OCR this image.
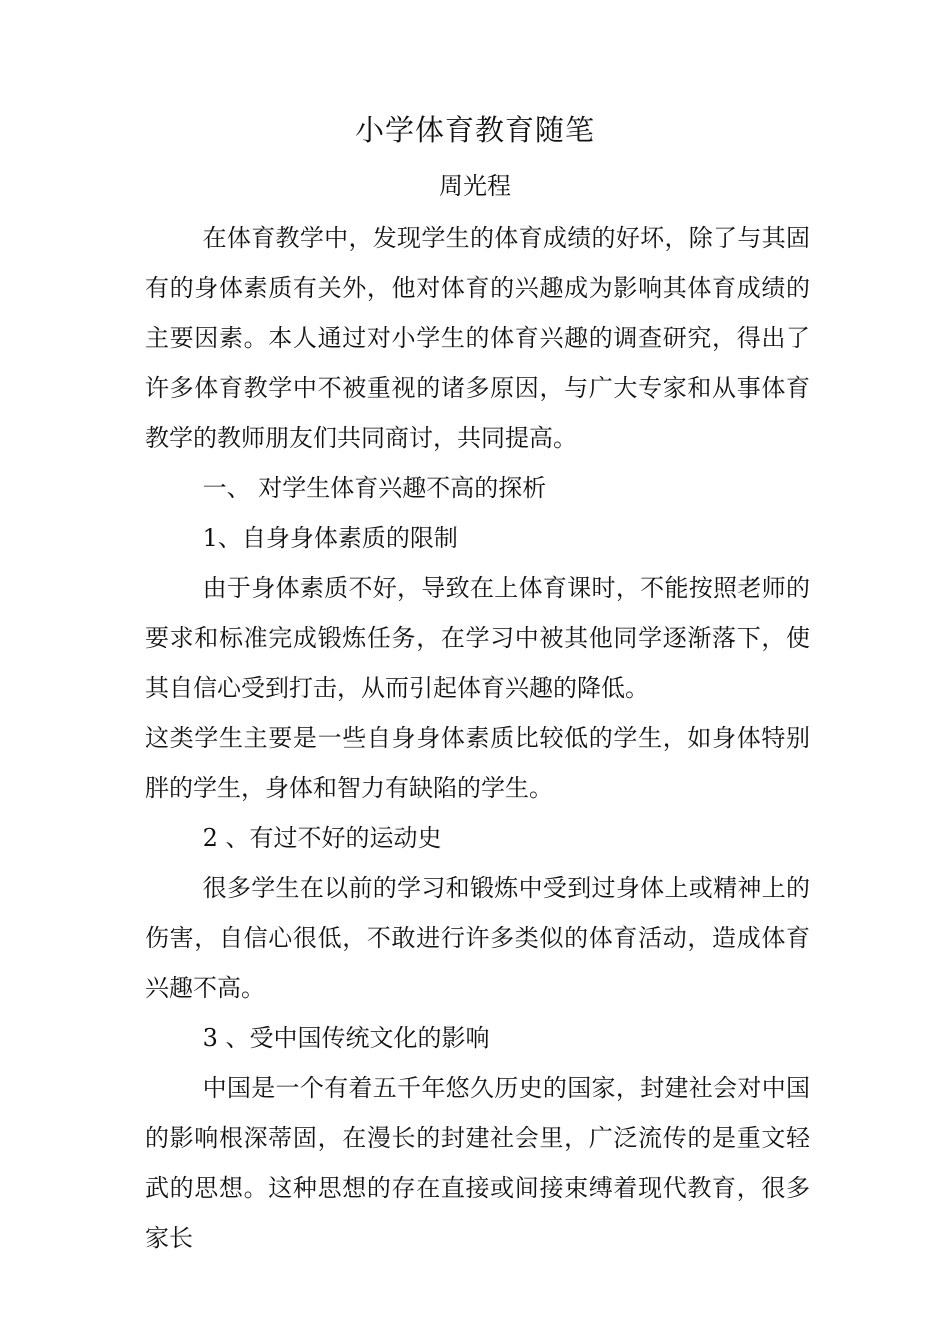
小学体育教育随笔
周光程

在体育教学中，发现学生的体育成绩的好坏，除了与其固有的身体素质有关外，他对体育的兴趣成为影响其体育成绩的主要因素。本人通过对小学生的体育兴趣的调查研究，得出了许多体育教学中不被重视的诸多原因，与广大专家和从事体育教学的教师朋友们共同商讨，共同提高。

一、 对学生体育兴趣不高的探析

1、自身身体素质的限制

由于身体素质不好，导致在上体育课时，不能按照老师的要求和标准完成锻炼任务，在学习中被其他同学逐渐落下，使其自信心受到打击，从而引起体育兴趣的降低。

这类学生主要是一些自身身体素质比较低的学生，如身体特别胖的学生，身体和智力有缺陷的学生。

2 、有过不好的运动史

很多学生在以前的学习和锻炼中受到过身体上或精神上的伤害，自信心很低，不敢进行许多类似的体育活动，造成体育兴趣不高。

3 、受中国传统文化的影响

中国是一个有着五千年悠久历史的国家，封建社会对中国的影响根深蒂固，在漫长的封建社会里，广泛流传的是重文轻武的思想。这种思想的存在直接或间接束缚着现代教育，很多家长
